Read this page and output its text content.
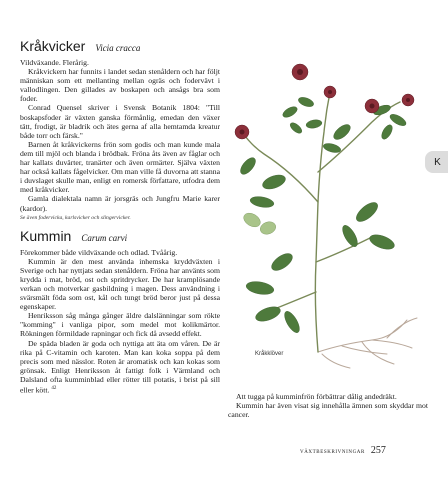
Kråkvicker Vicia cracca

Vildväxande. Flerårig.

Kråkvickern har funnits i landet sedan stenåldern och har följt människan som ett mellanting mellan ogräs och fodervävt i vallodlingen. Den gillades av boskapen och ansågs bra som foder.

Conrad Quensel skriver i Svensk Botanik 1804: "Till boskapsfoder är växten ganska förmånlig, emedan den växer tätt, frodigt, är bladrik och ätes gerna af alla hemtamda kreatur både torr och färsk."

Barnen åt kråkvickerns frön som godis och man kunde mala dem till mjöl och blanda i brödbak. Fröna åts även av fåglar och har kallats duvärter, tranärter och även ormärter. Själva växten har också kallats fågelvicker. Om man ville få duvorna att stanna i duvslaget skulle man, enligt en romersk författare, utfodra dem med kråkvicker.

Gamla dialektala namn är jorsgräs och Jungfru Marie karer (kardor).

Se även fodervicka, karlsvicker och slingervicker.

Kummin Carum carvi

Förekommer både vildväxande och odlad. Tvåårig.

Kummin är den mest använda inhemska kryddväxten i Sverige och har nyttjats sedan stenåldern. Fröna har använts som krydda i mat, bröd, ost och spritdrycker. De har kramplösande verkan och motverkar gasbildning i magen. Dess användning i svärsmält föda som ost, kål och tungt bröd beror just på dessa egenskaper.

Henriksson såg många gånger äldre dalslänningar som rökte "komming" i vanliga pipor, som medel mot kolikmärtor. Rökningen förmildade rapningar och fick då avsedd effekt.

De späda bladen är goda och nyttiga att äta om våren. De är rika på C-vitamin och karoten. Man kan koka soppa på dem precis som med nässlor. Roten är aromatisk och kan kokas som grönsak. Enligt Henriksson åt fattigt folk i Värmland och Dalsland ofta kumminblad eller rötter till potatis, i brist på sill eller kött. $^{42}$

Kråkklöver

Att tugga på kumminfrön förbättrar dålig andedräkt.

Kummin har även visat sig innehålla ämnen som skyddar mot cancer.

K
VÄXTBESKRIVNINGAR 257
